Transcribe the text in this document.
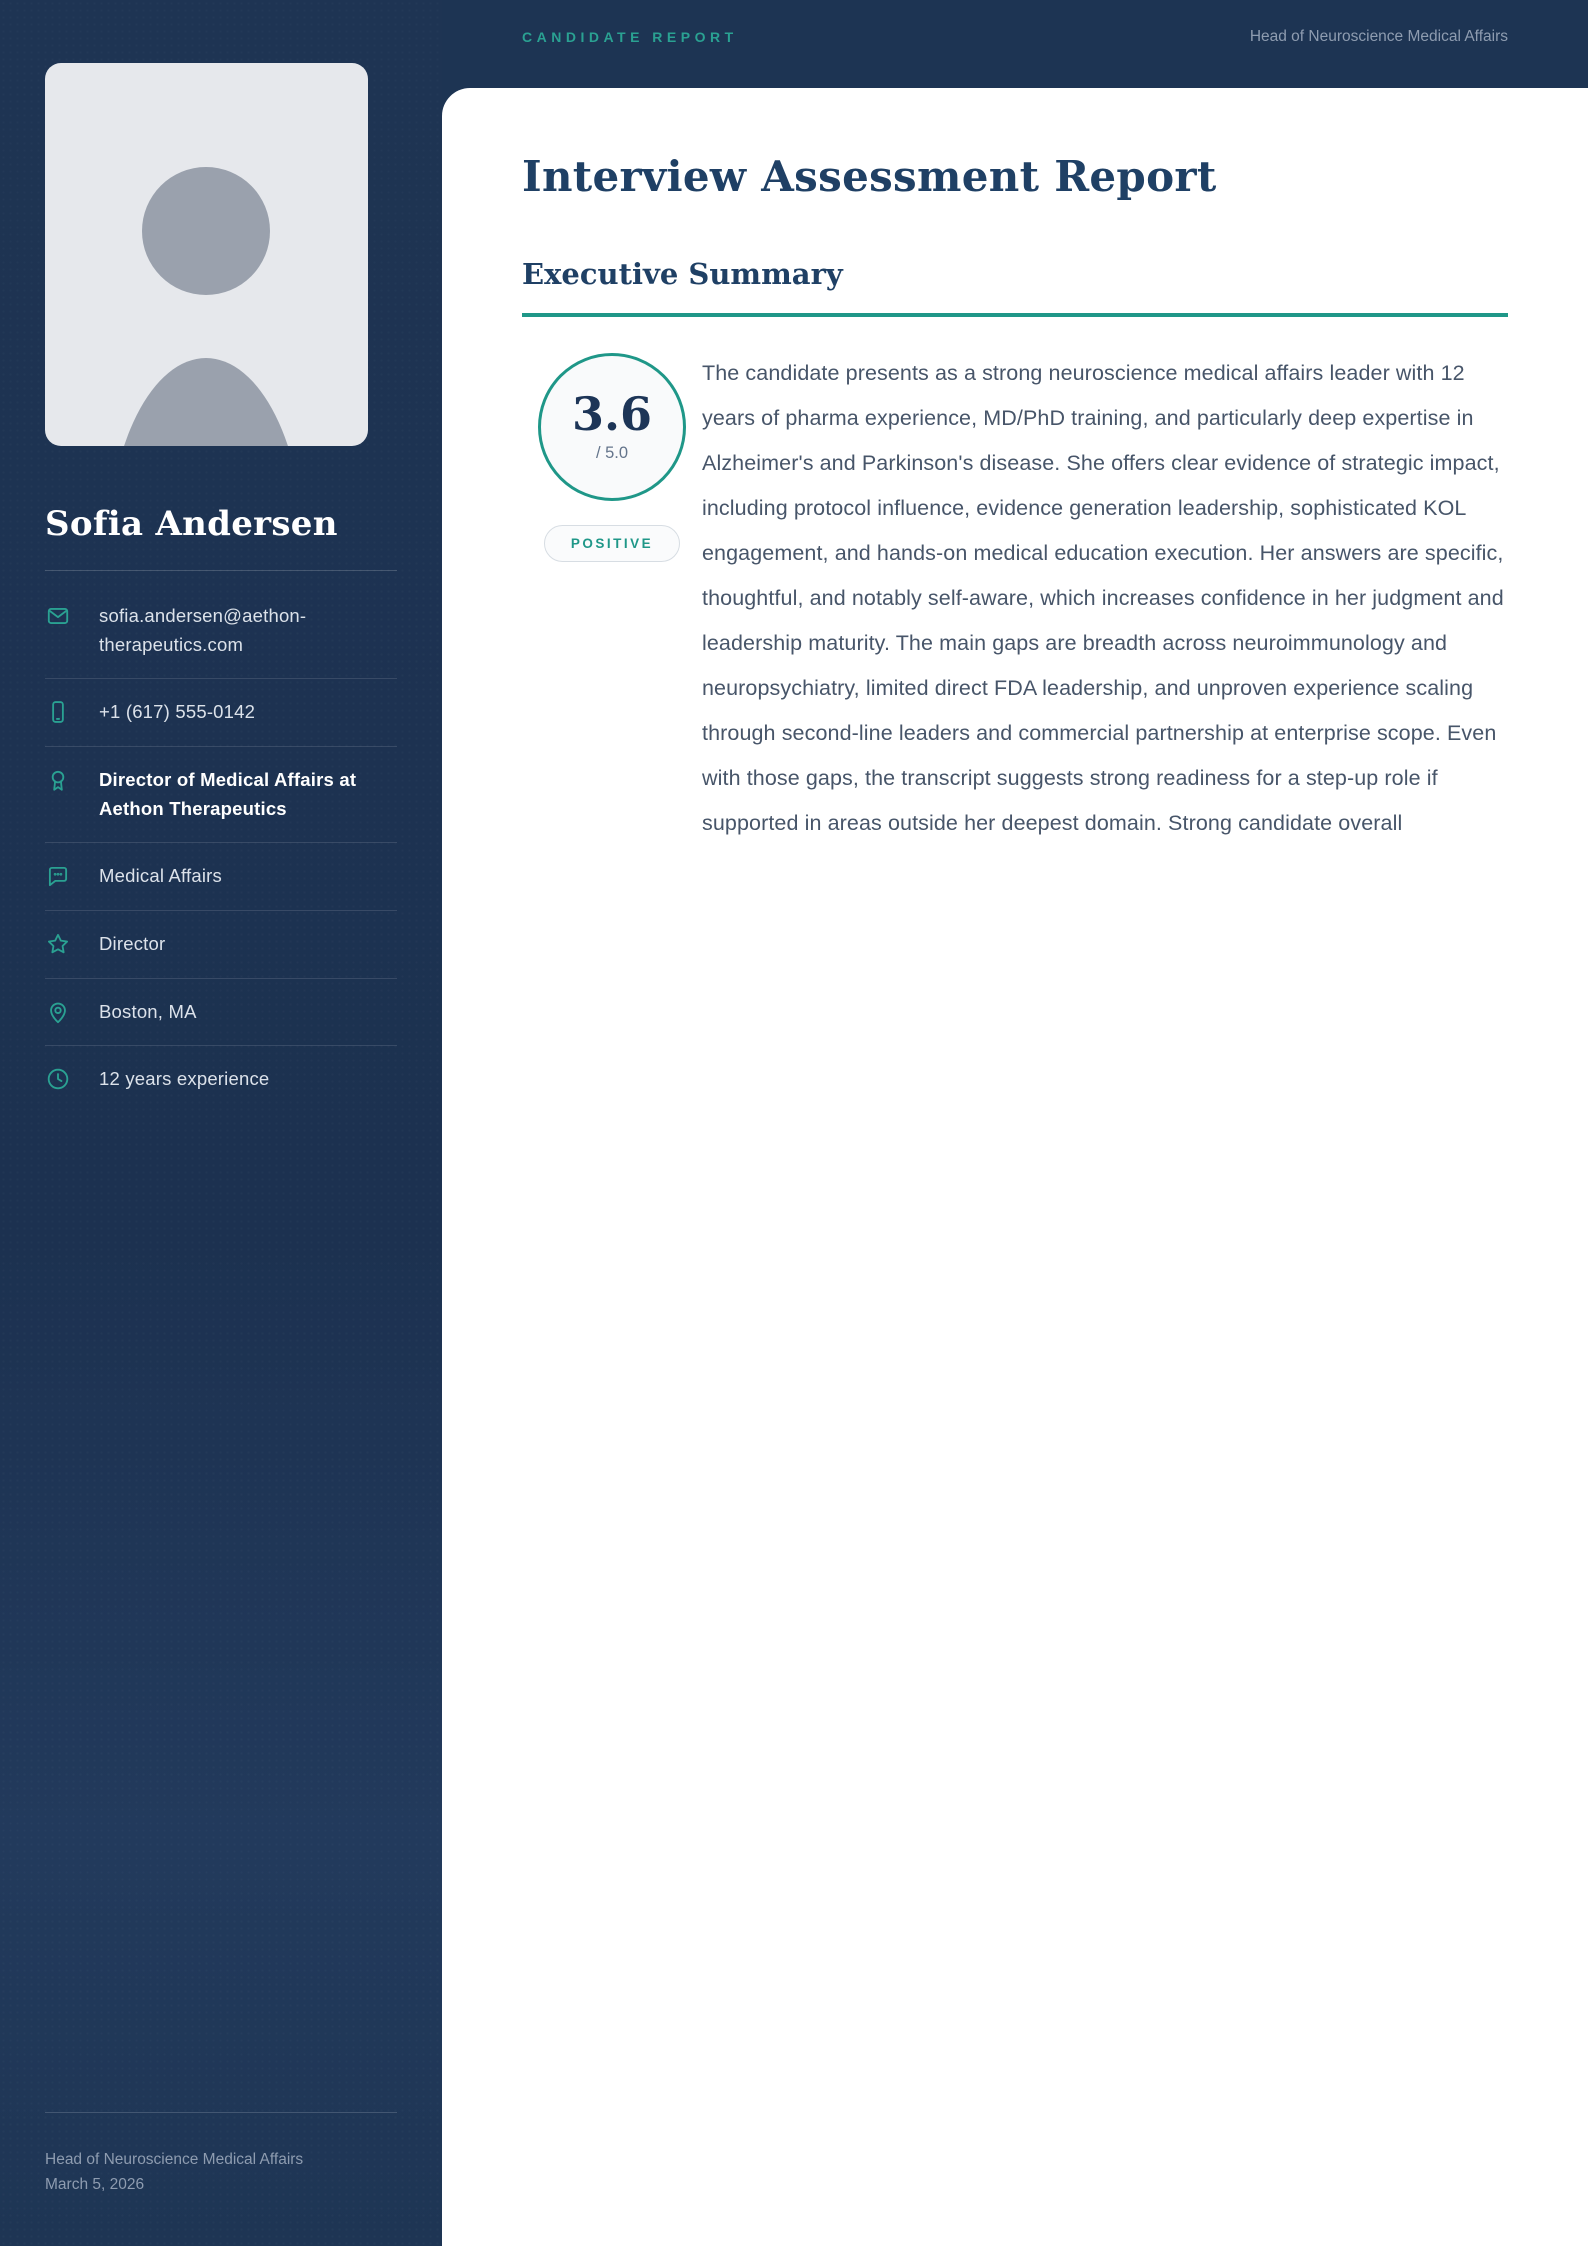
Sofia Andersen
sofia.andersen@aethon-therapeutics.com
+1 (617) 555-0142
Director of Medical Affairs at Aethon Therapeutics
Medical Affairs
Director
Boston, MA
12 years experience
Head of Neuroscience Medical Affairs
March 5, 2026
CANDIDATE REPORT	Head of Neuroscience Medical Affairs
Interview Assessment Report
Executive Summary
3.6
/ 5.0
POSITIVE

The candidate presents as a strong neuroscience medical affairs leader with 12 years of pharma experience, MD/PhD training, and particularly deep expertise in Alzheimer's and Parkinson's disease. She offers clear evidence of strategic impact, including protocol influence, evidence generation leadership, sophisticated KOL engagement, and hands-on medical education execution. Her answers are specific, thoughtful, and notably self-aware, which increases confidence in her judgment and leadership maturity. The main gaps are breadth across neuroimmunology and neuropsychiatry, limited direct FDA leadership, and unproven experience scaling through second-line leaders and commercial partnership at enterprise scope. Even with those gaps, the transcript suggests strong readiness for a step-up role if supported in areas outside her deepest domain. Strong candidate overall
